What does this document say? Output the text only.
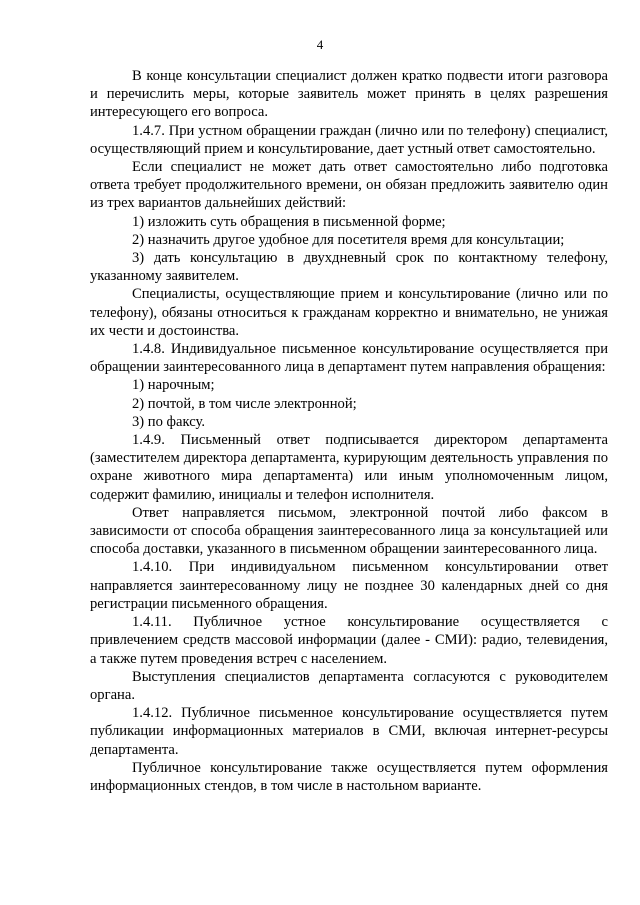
4

В конце консультации специалист должен кратко подвести итоги разговора и перечислить меры, которые заявитель может принять в целях разрешения интересующего его вопроса.

1.4.7. При устном обращении граждан (лично или по телефону) специалист, осуществляющий прием и консультирование, дает устный ответ самостоятельно.

Если специалист не может дать ответ самостоятельно либо подготовка ответа требует продолжительного времени, он обязан предложить заявителю один из трех вариантов дальнейших действий:

1) изложить суть обращения в письменной форме;

2) назначить другое удобное для посетителя время для консультации;

3) дать консультацию в двухдневный срок по контактному телефону, указанному заявителем.

Специалисты, осуществляющие прием и консультирование (лично или по телефону), обязаны относиться к гражданам корректно и внимательно, не унижая их чести и достоинства.

1.4.8. Индивидуальное письменное консультирование осуществляется при обращении заинтересованного лица в департамент путем направления обращения:

1) нарочным;

2) почтой, в том числе электронной;

3) по факсу.

1.4.9. Письменный ответ подписывается директором департамента (заместителем директора департамента, курирующим деятельность управления по охране животного мира департамента) или иным уполномоченным лицом, содержит фамилию, инициалы и телефон исполнителя.

Ответ направляется письмом, электронной почтой либо факсом в зависимости от способа обращения заинтересованного лица за консультацией или способа доставки, указанного в письменном обращении заинтересованного лица.

1.4.10. При индивидуальном письменном консультировании ответ направляется заинтересованному лицу не позднее 30 календарных дней со дня регистрации письменного обращения.

1.4.11. Публичное устное консультирование осуществляется с привлечением средств массовой информации (далее - СМИ): радио, телевидения, а также путем проведения встреч с населением.

Выступления специалистов департамента согласуются с руководителем органа.

1.4.12. Публичное письменное консультирование осуществляется путем публикации информационных материалов в СМИ, включая интернет-ресурсы департамента.

Публичное консультирование также осуществляется путем оформления информационных стендов, в том числе в настольном варианте.
